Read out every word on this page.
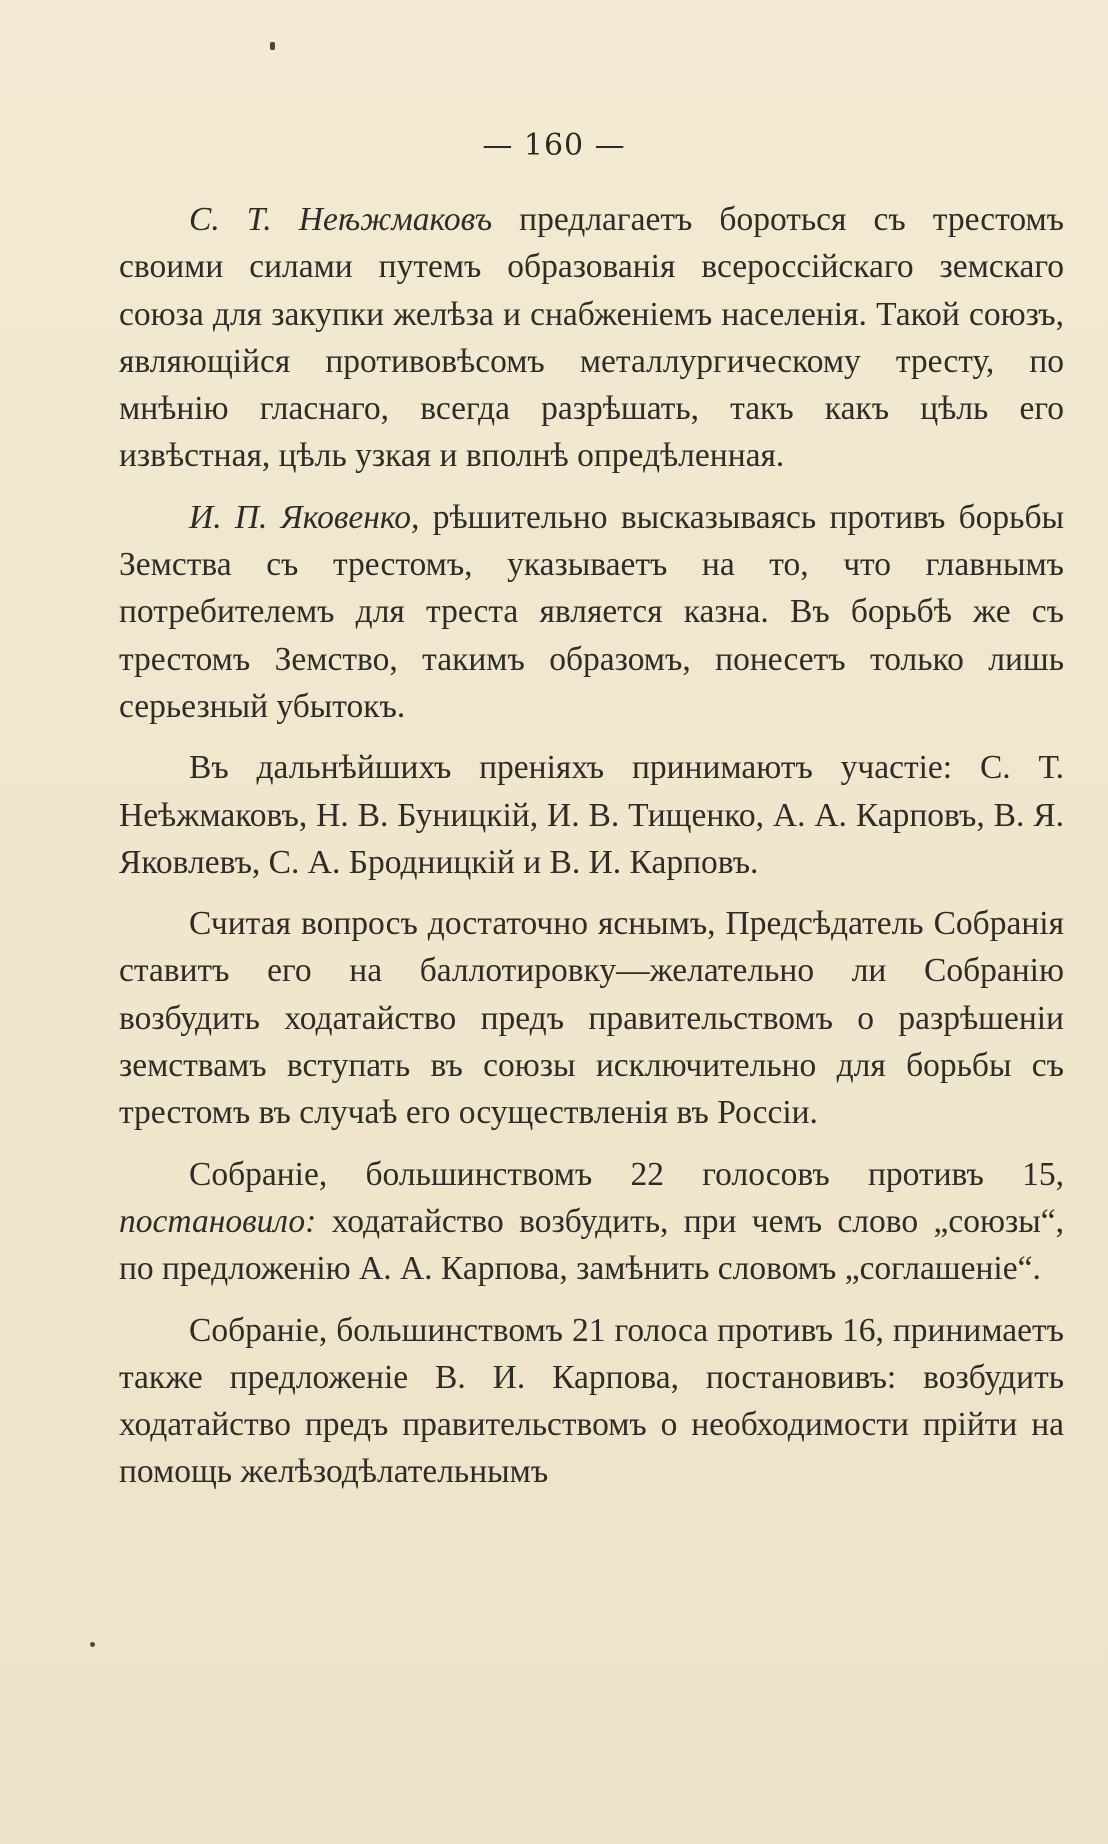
— 160 —

С. Т. Неѣжмаковъ предлагаетъ бороться съ трестомъ своими силами путемъ образованія всероссійскаго земскаго союза для закупки желѣза и снабженіемъ населенія. Такой союзъ, являющійся противовѣсомъ металлургическому тресту, по мнѣнію гласнаго, всегда разрѣшать, такъ какъ цѣль его извѣстная, цѣль узкая и вполнѣ опредѣленная.

И. П. Яковенко, рѣшительно высказываясь противъ борьбы Земства съ трестомъ, указываетъ на то, что главнымъ потребителемъ для треста является казна. Въ борьбѣ же съ трестомъ Земство, такимъ образомъ, понесетъ только лишь серьезный убытокъ.

Въ дальнѣйшихъ преніяхъ принимаютъ участіе: С. Т. Неѣжмаковъ, Н. В. Буницкій, И. В. Тищенко, А. А. Карповъ, В. Я. Яковлевъ, С. А. Бродницкій и В. И. Карповъ.

Считая вопросъ достаточно яснымъ, Предсѣдатель Собранія ставитъ его на баллотировку—желательно ли Собранію возбудить ходатайство предъ правительствомъ о разрѣшеніи земствамъ вступать въ союзы исключительно для борьбы съ трестомъ въ случаѣ его осуществленія въ Россіи.

Собраніе, большинствомъ 22 голосовъ противъ 15, постановило: ходатайство возбудить, при чемъ слово „союзы“, по предложенію А. А. Карпова, замѣнить словомъ „соглашеніе“.

Собраніе, большинствомъ 21 голоса противъ 16, принимаетъ также предложеніе В. И. Карпова, постановивъ: возбудить ходатайство предъ правительствомъ о необходимости прійти на помощь желѣзодѣлательнымъ
